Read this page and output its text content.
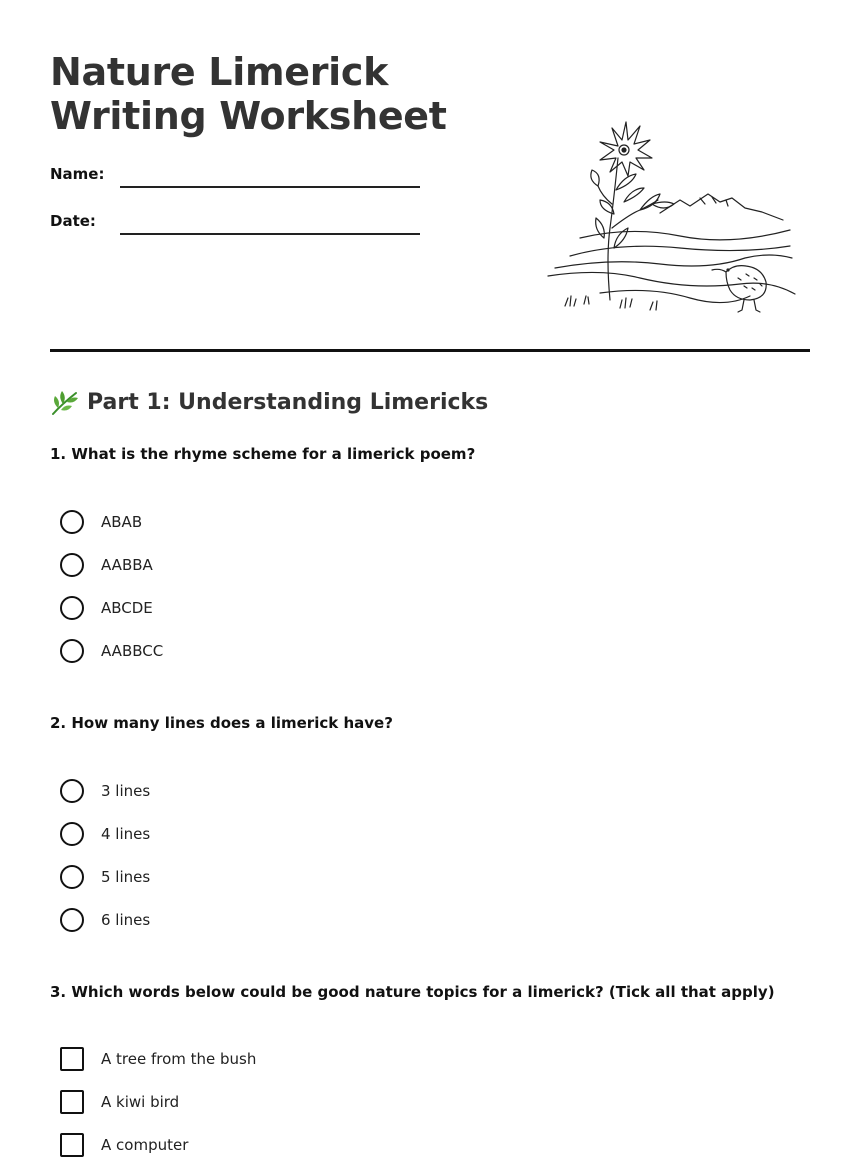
Nature Limerick Writing Worksheet
Name:
Date:
Part 1: Understanding Limericks

1. What is the rhyme scheme for a limerick poem?

ABAB
AABBA
ABCDE
AABBCC

2. How many lines does a limerick have?

3 lines
4 lines
5 lines
6 lines

3. Which words below could be good nature topics for a limerick? (Tick all that apply)

A tree from the bush
A kiwi bird
A computer
